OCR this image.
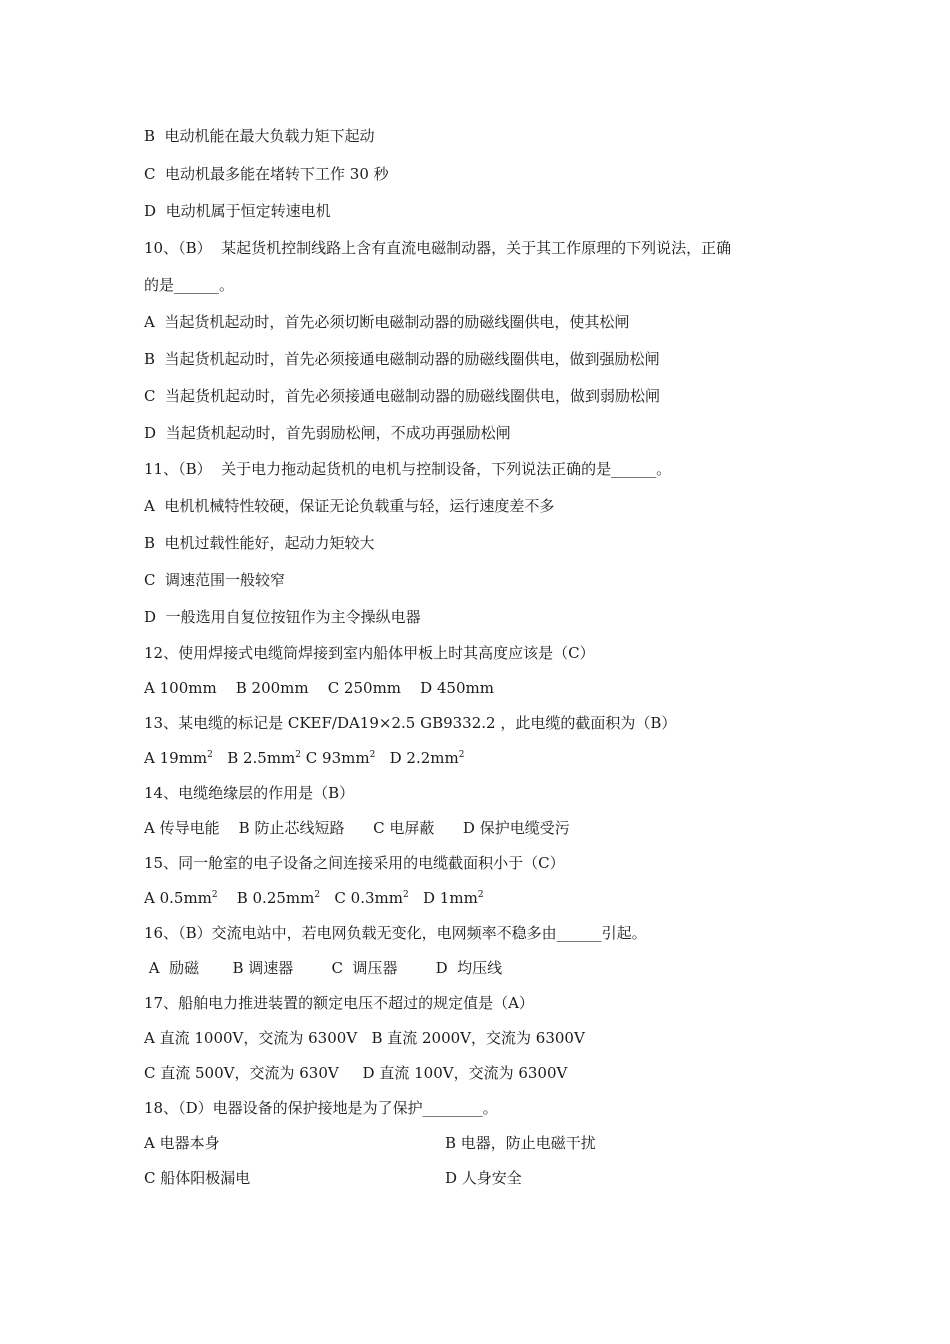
B  电动机能在最大负载力矩下起动
C  电动机最多能在堵转下工作 30 秒
D  电动机属于恒定转速电机
10、（B）  某起货机控制线路上含有直流电磁制动器，关于其工作原理的下列说法，正确
的是______。
A  当起货机起动时，首先必须切断电磁制动器的励磁线圈供电，使其松闸
B  当起货机起动时，首先必须接通电磁制动器的励磁线圈供电，做到强励松闸
C  当起货机起动时，首先必须接通电磁制动器的励磁线圈供电，做到弱励松闸
D  当起货机起动时，首先弱励松闸，不成功再强励松闸
11、（B）  关于电力拖动起货机的电机与控制设备，下列说法正确的是______。
A  电机机械特性较硬，保证无论负载重与轻，运行速度差不多
B  电机过载性能好，起动力矩较大
C  调速范围一般较窄
D  一般选用自复位按钮作为主令操纵电器
12、使用焊接式电缆筒焊接到室内船体甲板上时其高度应该是（C）
A 100mm    B 200mm    C 250mm    D 450mm
13、某电缆的标记是 CKEF/DA19×2.5 GB9332.2 ，此电缆的截面积为（B）
A $19mm^2$ B $2.5mm^2$ C $93mm^2$ D $2.2mm^2$
14、电缆绝缘层的作用是（B）
A 传导电能    B 防止芯线短路      C 电屏蔽      D 保护电缆受污
15、同一舱室的电子设备之间连接采用的电缆截面积小于（C）
A $0.5mm^2$ B $0.25mm^2$ C $0.3mm^2$ D $1mm^2$
16、（B）交流电站中，若电网负载无变化，电网频率不稳多由______引起。
A  励磁       B 调速器        C  调压器        D  均压线
17、船舶电力推进装置的额定电压不超过的规定值是（A）
A 直流 1000V，交流为 6300V   B 直流 2000V，交流为 6300V
C 直流 500V，交流为 630V     D 直流 100V，交流为 6300V
18、（D）电器设备的保护接地是为了保护________。
A 电器本身	B 电器，防止电磁干扰
C 船体阳极漏电	D 人身安全
